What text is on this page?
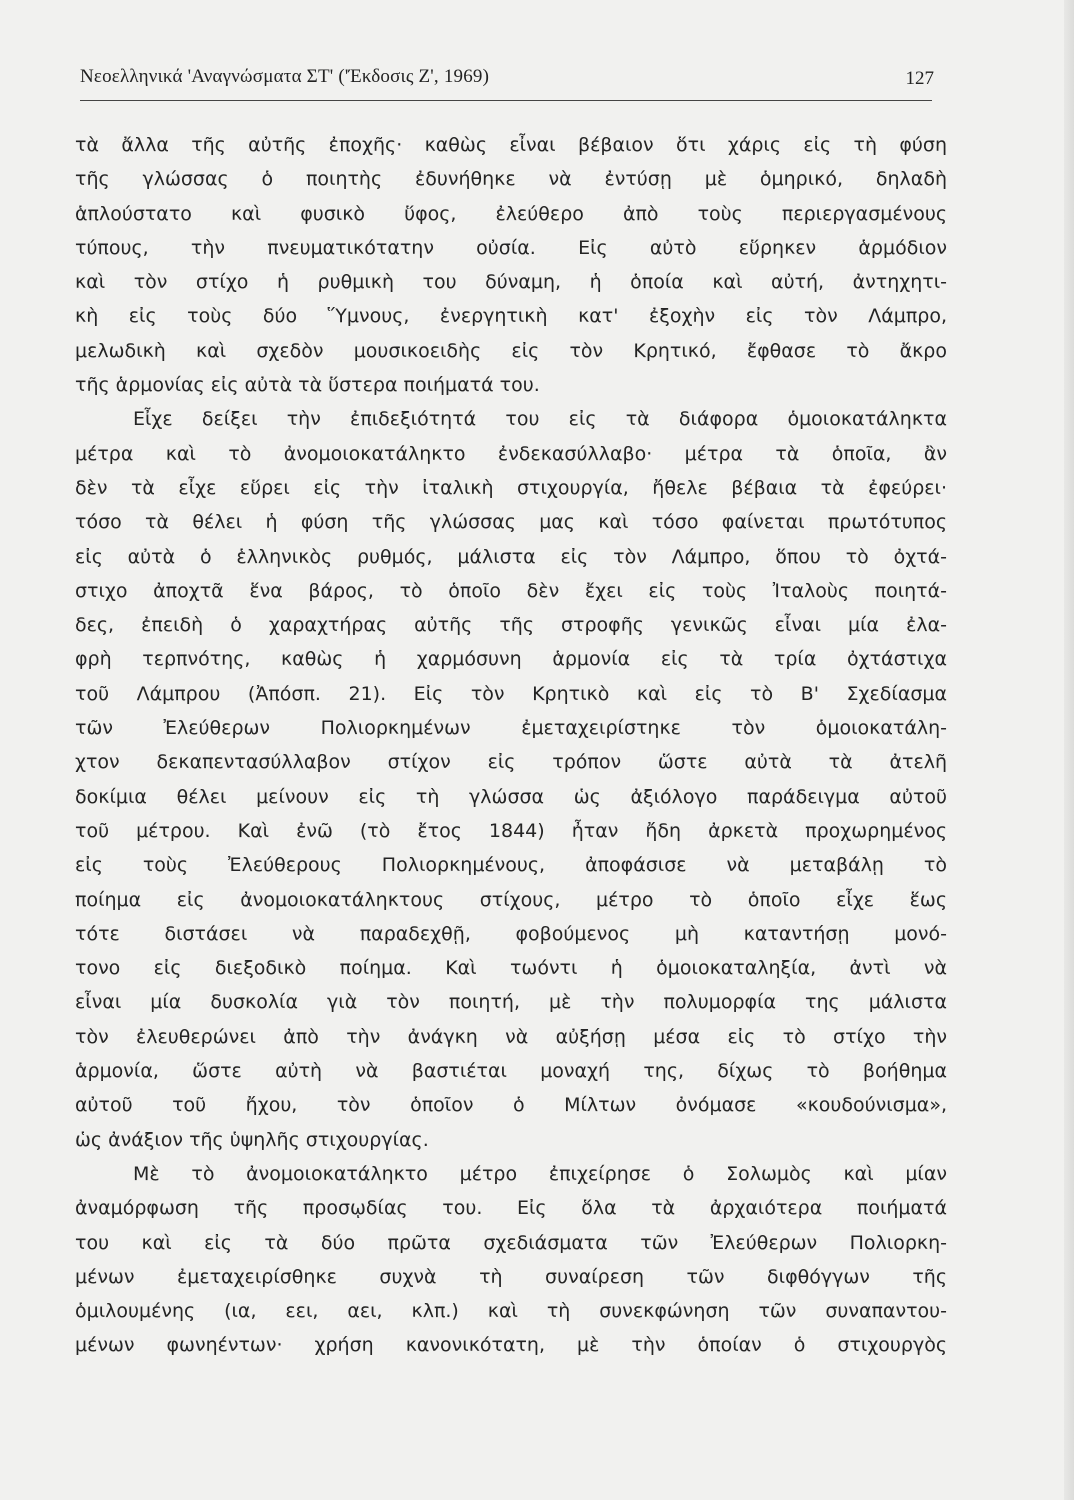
Νεοελληνικά 'Αναγνώσματα ΣΤ' ('Έκδοσις Ζ', 1969)	127
τὰ ἄλλα τῆς αὐτῆς ἐποχῆς· καθὼς εἶναι βέβαιον ὅτι χάρις εἰς τὴ φύση
τῆς γλώσσας ὁ ποιητὴς ἐδυνήθηκε νὰ ἐντύσῃ μὲ ὁμηρικό, δηλαδὴ
ἁπλούστατο καὶ φυσικὸ ὕφος, ἐλεύθερο ἀπὸ τοὺς περιεργασμένους
τύπους, τὴν πνευματικότατην οὐσία. Εἰς αὐτὸ εὕρηκεν ἁρμόδιον
καὶ τὸν στίχο ἡ ρυθμικὴ του δύναμη, ἡ ὁποία καὶ αὐτή, ἀντηχητι-
κὴ εἰς τοὺς δύο Ὕμνους, ἐνεργητικὴ κατ' ἐξοχὴν εἰς τὸν Λάμπρο,
μελωδικὴ καὶ σχεδὸν μουσικοειδὴς εἰς τὸν Κρητικό, ἔφθασε τὸ ἄκρο
τῆς ἁρμονίας εἰς αὐτὰ τὰ ὕστερα ποιήματά του.
Εἶχε δείξει τὴν ἐπιδεξιότητά του εἰς τὰ διάφορα ὁμοιοκατάληκτα
μέτρα καὶ τὸ ἀνομοιοκατάληκτο ἐνδεκασύλλαβο· μέτρα τὰ ὁποῖα, ἂν
δὲν τὰ εἶχε εὕρει εἰς τὴν ἰταλικὴ στιχουργία, ἤθελε βέβαια τὰ ἐφεύρει·
τόσο τὰ θέλει ἡ φύση τῆς γλώσσας μας καὶ τόσο φαίνεται πρωτότυπος
εἰς αὐτὰ ὁ ἑλληνικὸς ρυθμός, μάλιστα εἰς τὸν Λάμπρο, ὅπου τὸ ὀχτά-
στιχο ἀποχτᾶ ἕνα βάρος, τὸ ὁποῖο δὲν ἔχει εἰς τοὺς Ἰταλοὺς ποιητά-
δες, ἐπειδὴ ὁ χαραχτήρας αὐτῆς τῆς στροφῆς γενικῶς εἶναι μία ἐλα-
φρὴ τερπνότης, καθὼς ἡ χαρμόσυνη ἁρμονία εἰς τὰ τρία ὀχτάστιχα
τοῦ Λάμπρου (Ἀπόσπ. 21). Εἰς τὸν Κρητικὸ καὶ εἰς τὸ Β' Σχεδίασμα
τῶν Ἐλεύθερων Πολιορκημένων ἐμεταχειρίστηκε τὸν ὁμοιοκατάλη-
χτον δεκαπεντασύλλαβον στίχον εἰς τρόπον ὥστε αὐτὰ τὰ ἀτελῆ
δοκίμια θέλει μείνουν εἰς τὴ γλώσσα ὡς ἀξιόλογο παράδειγμα αὐτοῦ
τοῦ μέτρου. Καὶ ἐνῶ (τὸ ἔτος 1844) ἦταν ἤδη ἀρκετὰ προχωρημένος
εἰς τοὺς Ἐλεύθερους Πολιορκημένους, ἀποφάσισε νὰ μεταβάλῃ τὸ
ποίημα εἰς ἀνομοιοκατάληκτους στίχους, μέτρο τὸ ὁποῖο εἶχε ἕως
τότε διστάσει νὰ παραδεχθῇ, φοβούμενος μὴ καταντήσῃ μονό-
τονο εἰς διεξοδικὸ ποίημα. Καὶ τωόντι ἡ ὁμοιοκαταληξία, ἀντὶ νὰ
εἶναι μία δυσκολία γιὰ τὸν ποιητή, μὲ τὴν πολυμορφία της μάλιστα
τὸν ἐλευθερώνει ἀπὸ τὴν ἀνάγκη νὰ αὐξήσῃ μέσα εἰς τὸ στίχο τὴν
ἁρμονία, ὥστε αὐτὴ νὰ βαστιέται μοναχή της, δίχως τὸ βοήθημα
αὐτοῦ τοῦ ἤχου, τὸν ὁποῖον ὁ Μίλτων ὀνόμασε «κουδούνισμα»,
ὡς ἀνάξιον τῆς ὑψηλῆς στιχουργίας.
Μὲ τὸ ἀνομοιοκατάληκτο μέτρο ἐπιχείρησε ὁ Σολωμὸς καὶ μίαν
ἀναμόρφωση τῆς προσῳδίας του. Εἰς ὅλα τὰ ἀρχαιότερα ποιήματά
του καὶ εἰς τὰ δύο πρῶτα σχεδιάσματα τῶν Ἐλεύθερων Πολιορκη-
μένων ἐμεταχειρίσθηκε συχνὰ τὴ συναίρεση τῶν διφθόγγων τῆς
ὁμιλουμένης (ια, εει, αει, κλπ.) καὶ τὴ συνεκφώνηση τῶν συναπαντου-
μένων φωνηέντων· χρήση κανονικότατη, μὲ τὴν ὁποίαν ὁ στιχουργὸς
